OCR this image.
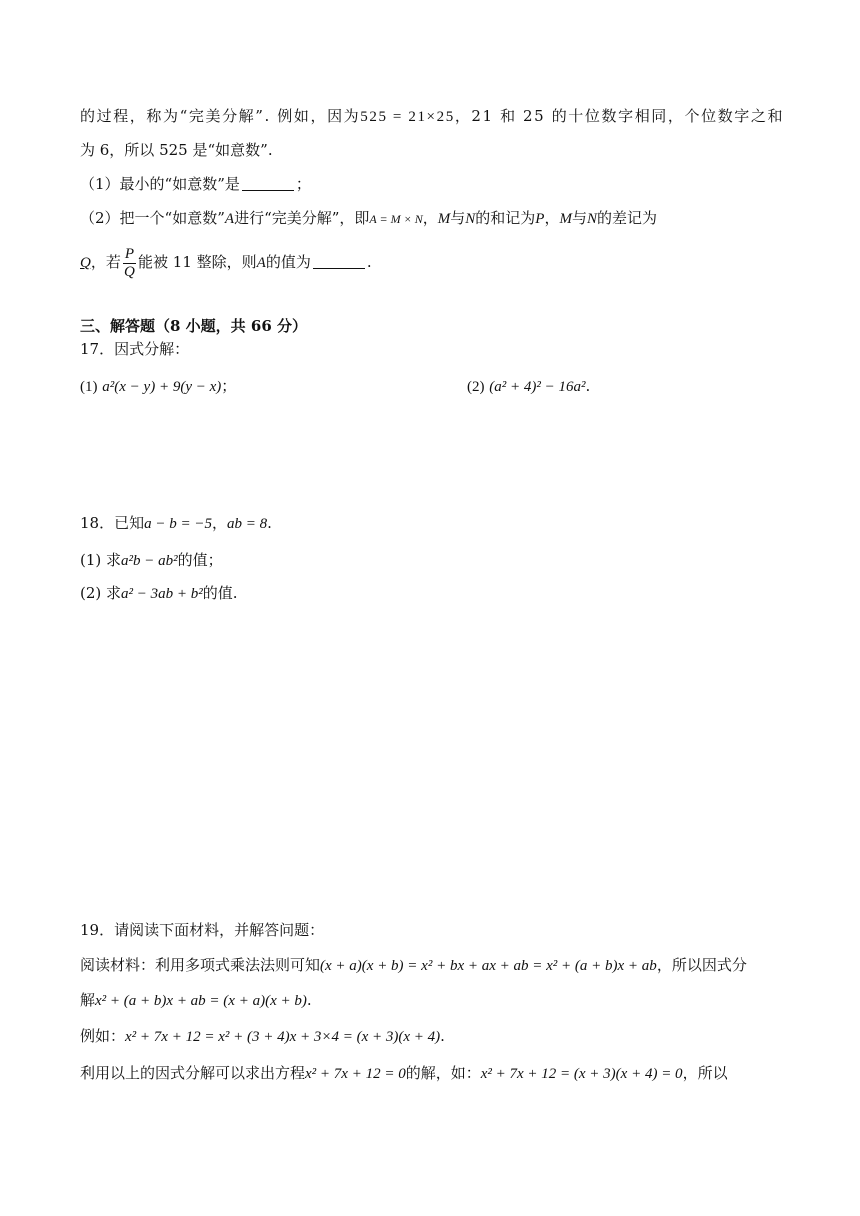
的过程，称为“完美分解”. 例如，因为525 = 21×25，21 和 25 的十位数字相同，个位数字之和
为 6，所以 525 是“如意数”.
（1）最小的“如意数”是	；
（2）把一个“如意数”A进行“完美分解”，即A = M × N，M与N的和记为P，M与N的差记为
Q，若 $\frac{P}{Q}$ 能被 11 整除，则A的值为	.
三、解答题（8 小题，共 66 分）
17．因式分解：
(1) a²(x − y) + 9(y − x)；	(2) (a² + 4)² − 16a².
18．已知a − b = −5，ab = 8.
(1) 求a²b − ab²的值；
(2) 求a² − 3ab + b²的值.
19．请阅读下面材料，并解答问题：
阅读材料：利用多项式乘法法则可知(x + a)(x + b) = x² + bx + ax + ab = x² + (a + b)x + ab，所以因式分
解x² + (a + b)x + ab = (x + a)(x + b).
例如：x² + 7x + 12 = x² + (3 + 4)x + 3×4 = (x + 3)(x + 4).
利用以上的因式分解可以求出方程x² + 7x + 12 = 0的解，如：x² + 7x + 12 = (x + 3)(x + 4) = 0，所以
